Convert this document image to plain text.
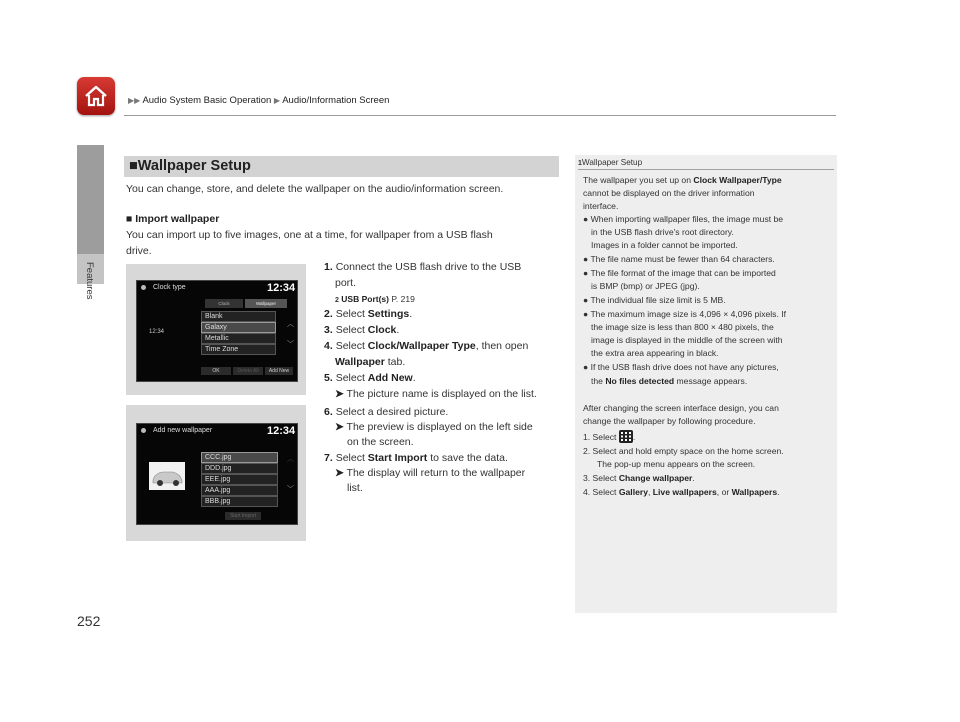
▶▶ Audio System Basic Operation ▶ Audio/Information Screen
Features
252
■Wallpaper Setup
You can change, store, and delete the wallpaper on the audio/information screen.
■ Import wallpaper
You can import up to five images, one at a time, for wallpaper from a USB flash
drive.
Clock type	12:34
Clock	Wallpaper
Blank
Galaxy
Metallic
Time Zone
︿
﹀
12:34
OK	Delete All	Add New
Add new wallpaper	12:34
CCC.jpg
DDD.jpg
EEE.jpg
AAA.jpg
BBB.jpg
︿
﹀
Start Import
1. Connect the USB flash drive to the USB
port.
2 USB Port(s) P. 219
2. Select Settings.
3. Select Clock.
4. Select Clock/Wallpaper Type, then open
Wallpaper tab.
5. Select Add New.
➤ The picture name is displayed on the list.
6. Select a desired picture.
➤ The preview is displayed on the left side
on the screen.
7. Select Start Import to save the data.
➤ The display will return to the wallpaper
list.
1Wallpaper Setup
The wallpaper you set up on Clock Wallpaper/Type
cannot be displayed on the driver information
interface.
● When importing wallpaper files, the image must be
in the USB flash drive's root directory.
Images in a folder cannot be imported.
● The file name must be fewer than 64 characters.
● The file format of the image that can be imported
is BMP (bmp) or JPEG (jpg).
● The individual file size limit is 5 MB.
● The maximum image size is 4,096 × 4,096 pixels. If
the image size is less than 800 × 480 pixels, the
image is displayed in the middle of the screen with
the extra area appearing in black.
● If the USB flash drive does not have any pictures,
the No files detected message appears.
After changing the screen interface design, you can
change the wallpaper by following procedure.
1. Select .
2. Select and hold empty space on the home screen.
The pop-up menu appears on the screen.
3. Select Change wallpaper.
4. Select Gallery, Live wallpapers, or Wallpapers.
